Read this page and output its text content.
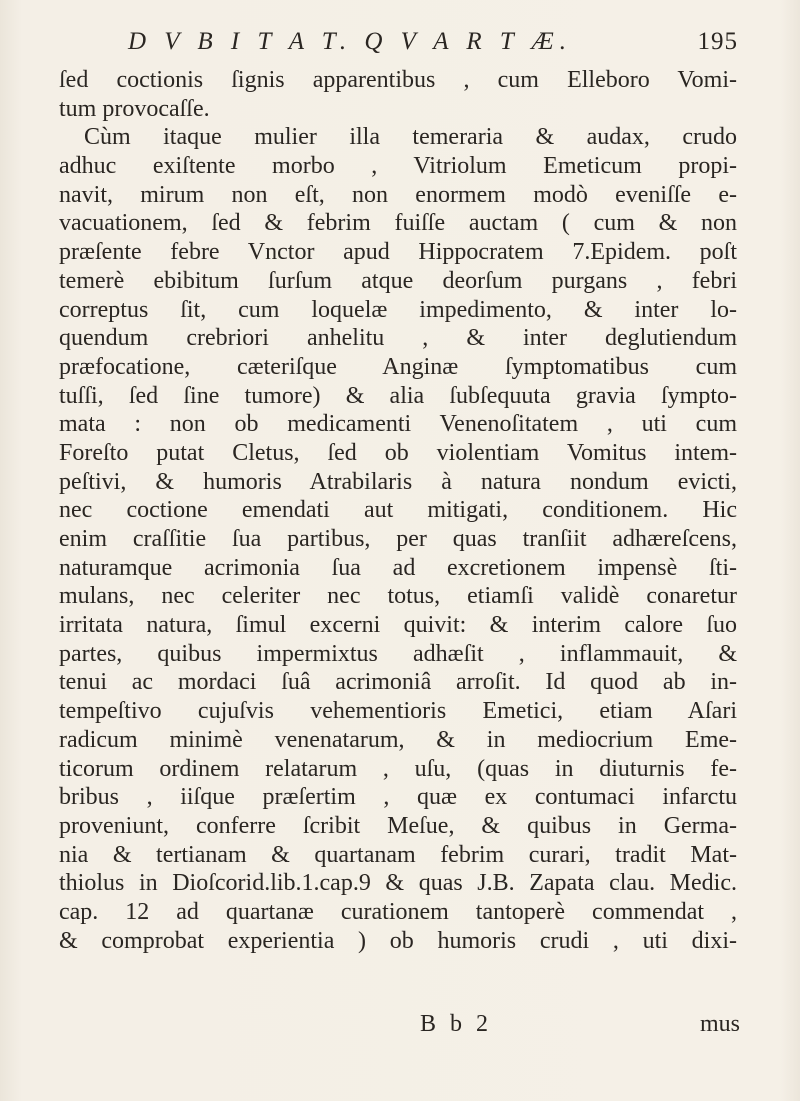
D V B I T A T. Q V A R T Æ.	195
ſed coctionis ſignis apparentibus , cum Elleboro Vomi-
tum provocaſſe.
Cùm itaque mulier illa temeraria & audax, crudo
adhuc exiſtente morbo , Vitriolum Emeticum propi-
navit, mirum non eſt, non enormem modò eveniſſe e-
vacuationem, ſed & febrim fuiſſe auctam ( cum & non
præſente febre Vnctor apud Hippocratem 7.Epidem. poſt
temerè ebibitum ſurſum atque deorſum purgans , febri
correptus ſit, cum loquelæ impedimento, & inter lo-
quendum crebriori anhelitu , & inter deglutiendum
præfocatione, cæteriſque Anginæ ſymptomatibus cum
tuſſi, ſed ſine tumore) & alia ſubſequuta gravia ſympto-
mata : non ob medicamenti Venenoſitatem , uti cum
Foreſto putat Cletus, ſed ob violentiam Vomitus intem-
peſtivi, & humoris Atrabilaris à natura nondum evicti,
nec coctione emendati aut mitigati, conditionem. Hic
enim craſſitie ſua partibus, per quas tranſiit adhæreſcens,
naturamque acrimonia ſua ad excretionem impensè ſti-
mulans, nec celeriter nec totus, etiamſi validè conaretur
irritata natura, ſimul excerni quivit: & interim calore ſuo
partes, quibus impermixtus adhæſit , inflammauit, &
tenui ac mordaci ſuâ acrimoniâ arroſit. Id quod ab in-
tempeſtivo cujuſvis vehementioris Emetici, etiam Aſari
radicum minimè venenatarum, & in mediocrium Eme-
ticorum ordinem relatarum , uſu, (quas in diuturnis fe-
bribus , iiſque præſertim , quæ ex contumaci infarctu
proveniunt, conferre ſcribit Meſue, & quibus in Germa-
nia & tertianam & quartanam febrim curari, tradit Mat-
thiolus in Dioſcorid.lib.1.cap.9 & quas J.B. Zapata clau. Medic.
cap. 12 ad quartanæ curationem tantoperè commendat ,
& comprobat experientia ) ob humoris crudi , uti dixi-
B b 2	mus
